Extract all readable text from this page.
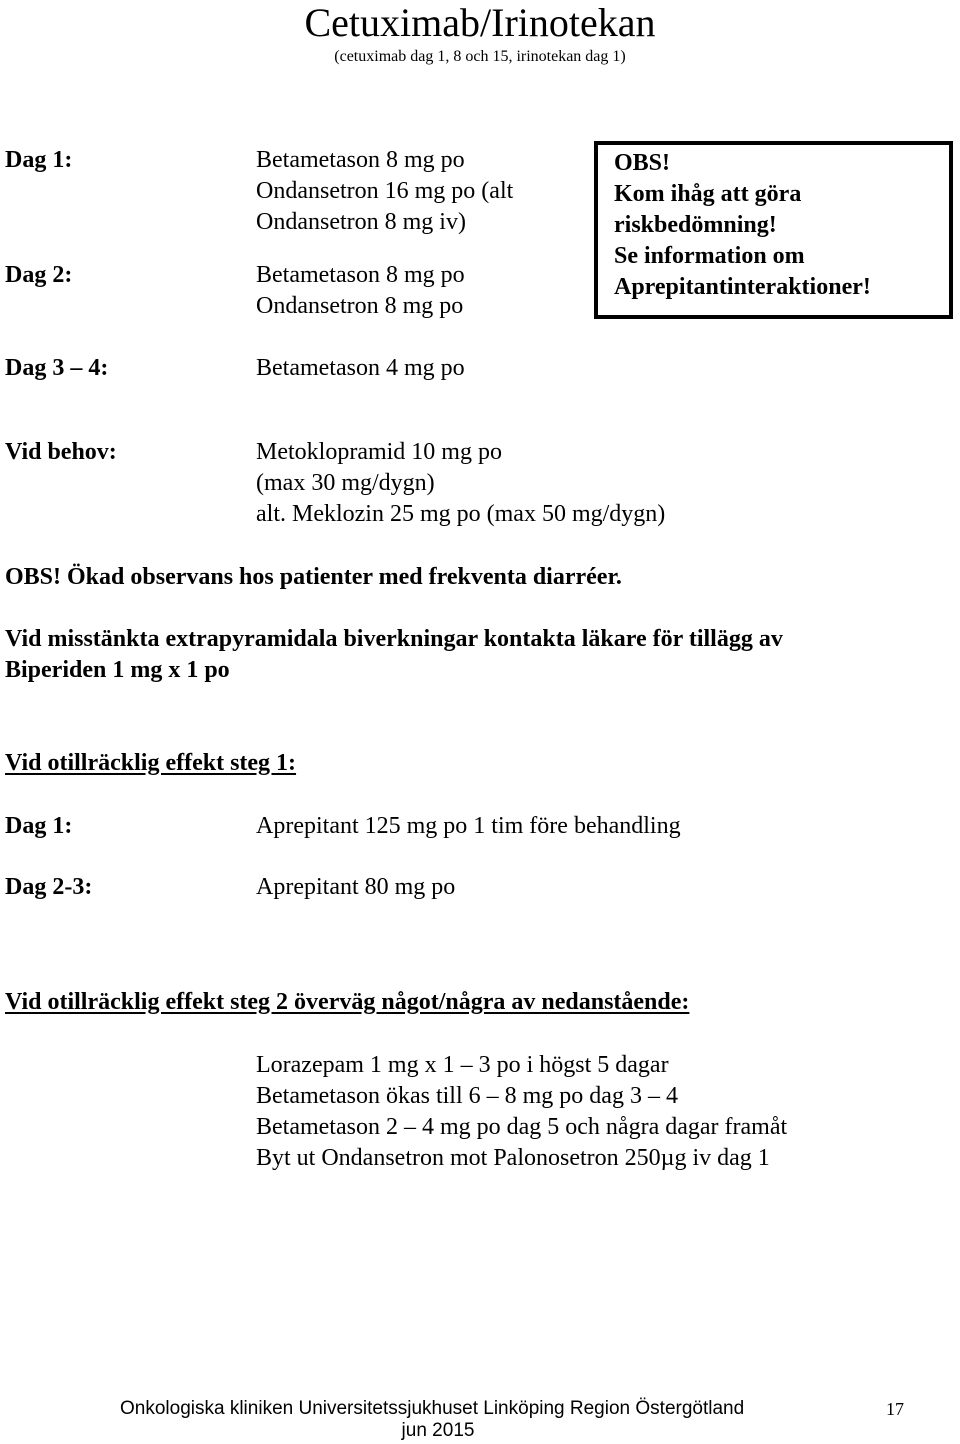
Cetuximab/Irinotekan
(cetuximab dag 1, 8 och 15, irinotekan dag 1)
Dag 1:	Betametason 8 mg po
Ondansetron 16 mg po (alt
Ondansetron 8 mg iv)
Dag 2:	Betametason 8 mg po
Ondansetron 8 mg po
Dag 3 – 4:	Betametason 4 mg po
Vid behov:	Metoklopramid 10 mg po
(max 30 mg/dygn)
alt. Meklozin 25 mg po (max 50 mg/dygn)
OBS!
Kom ihåg att göra
riskbedömning!
Se information om
Aprepitantinteraktioner!
OBS! Ökad observans hos patienter med frekventa diarréer.
Vid misstänkta extrapyramidala biverkningar kontakta läkare för tillägg av
Biperiden 1 mg x 1 po
Vid otillräcklig effekt steg 1:
Dag 1:	Aprepitant 125 mg po 1 tim före behandling
Dag 2-3:	Aprepitant 80 mg po
Vid otillräcklig effekt steg 2 överväg något/några av nedanstående:
Lorazepam 1 mg x 1 – 3 po i högst 5 dagar
Betametason ökas till 6 – 8 mg po dag 3 – 4
Betametason 2 – 4 mg po dag 5 och några dagar framåt
Byt ut Ondansetron mot Palonosetron 250µg iv dag 1
Onkologiska kliniken Universitetssjukhuset Linköping Region Östergötland
jun 2015
17
